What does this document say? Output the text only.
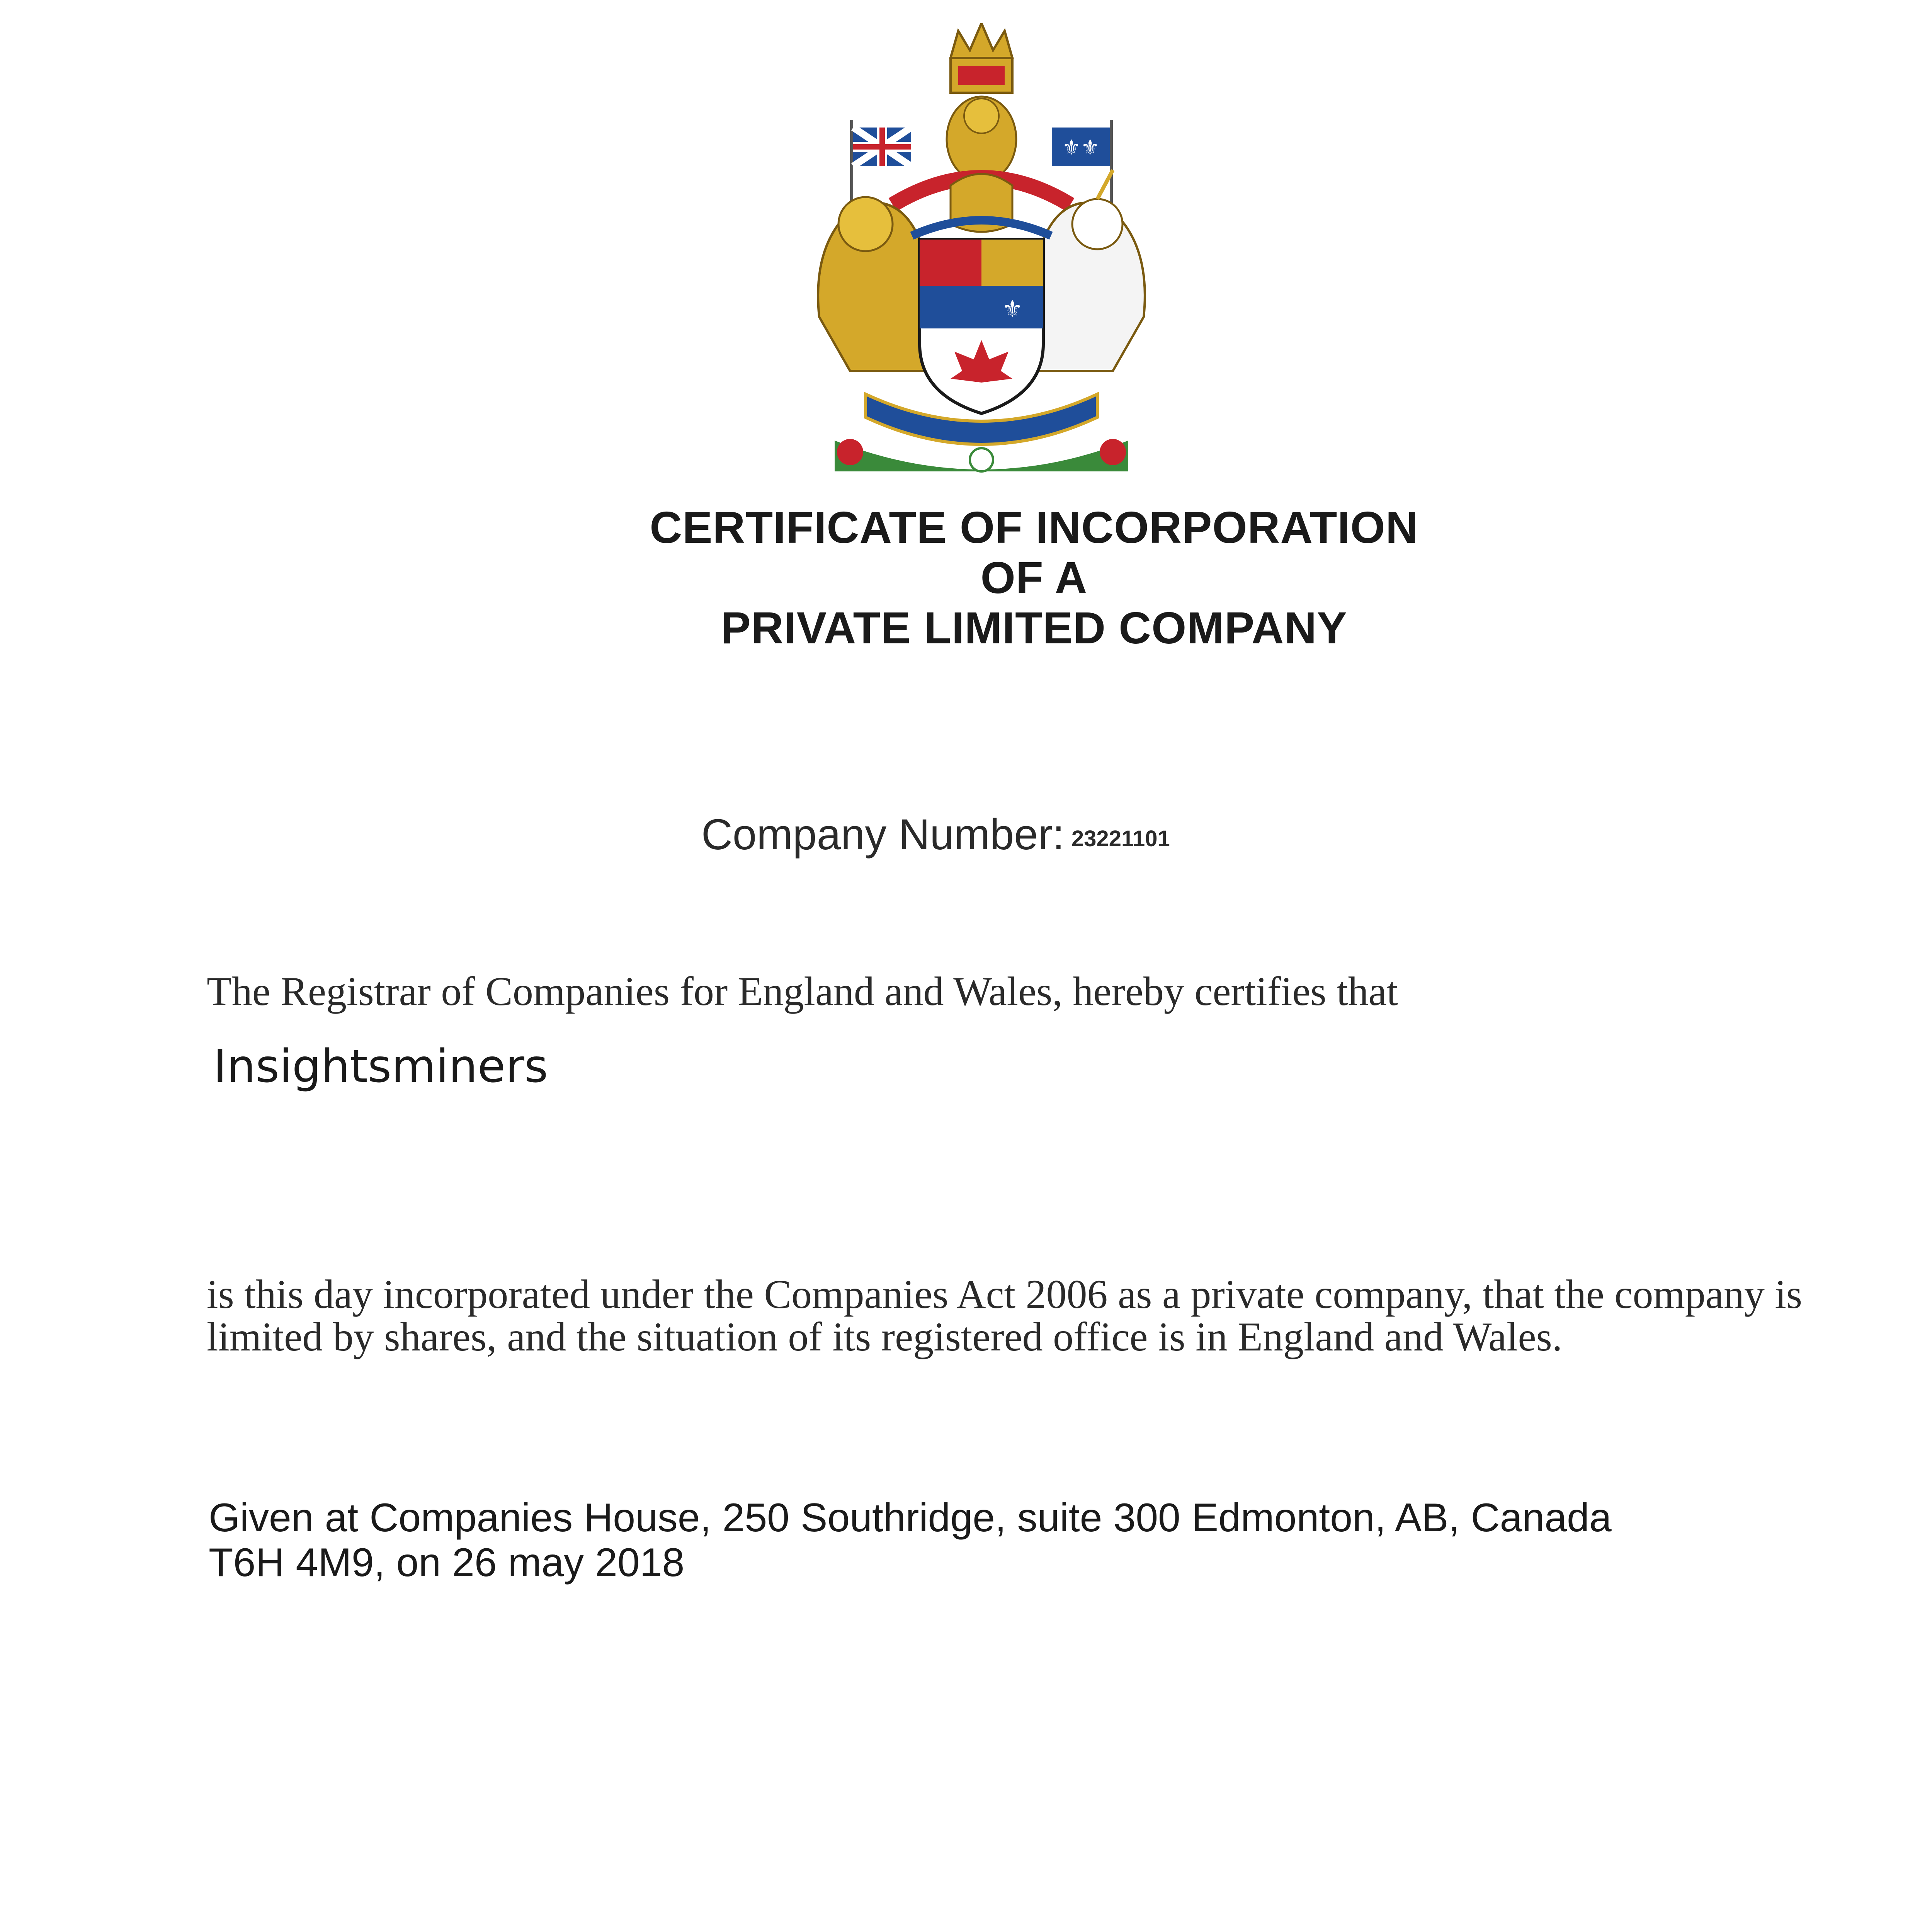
⚜⚜
⚜
CERTIFICATE OF INCORPORATION
OF A
PRIVATE LIMITED COMPANY
Company Number: 23221101
The Registrar of Companies for England and Wales, hereby certifies that
Insightsminers
is this day incorporated under the Companies Act 2006 as a private company, that the company is limited by shares, and the situation of its registered office is in England and Wales.
Given at Companies House, 250 Southridge, suite 300 Edmonton, AB, Canada
T6H 4M9, on 26 may 2018
